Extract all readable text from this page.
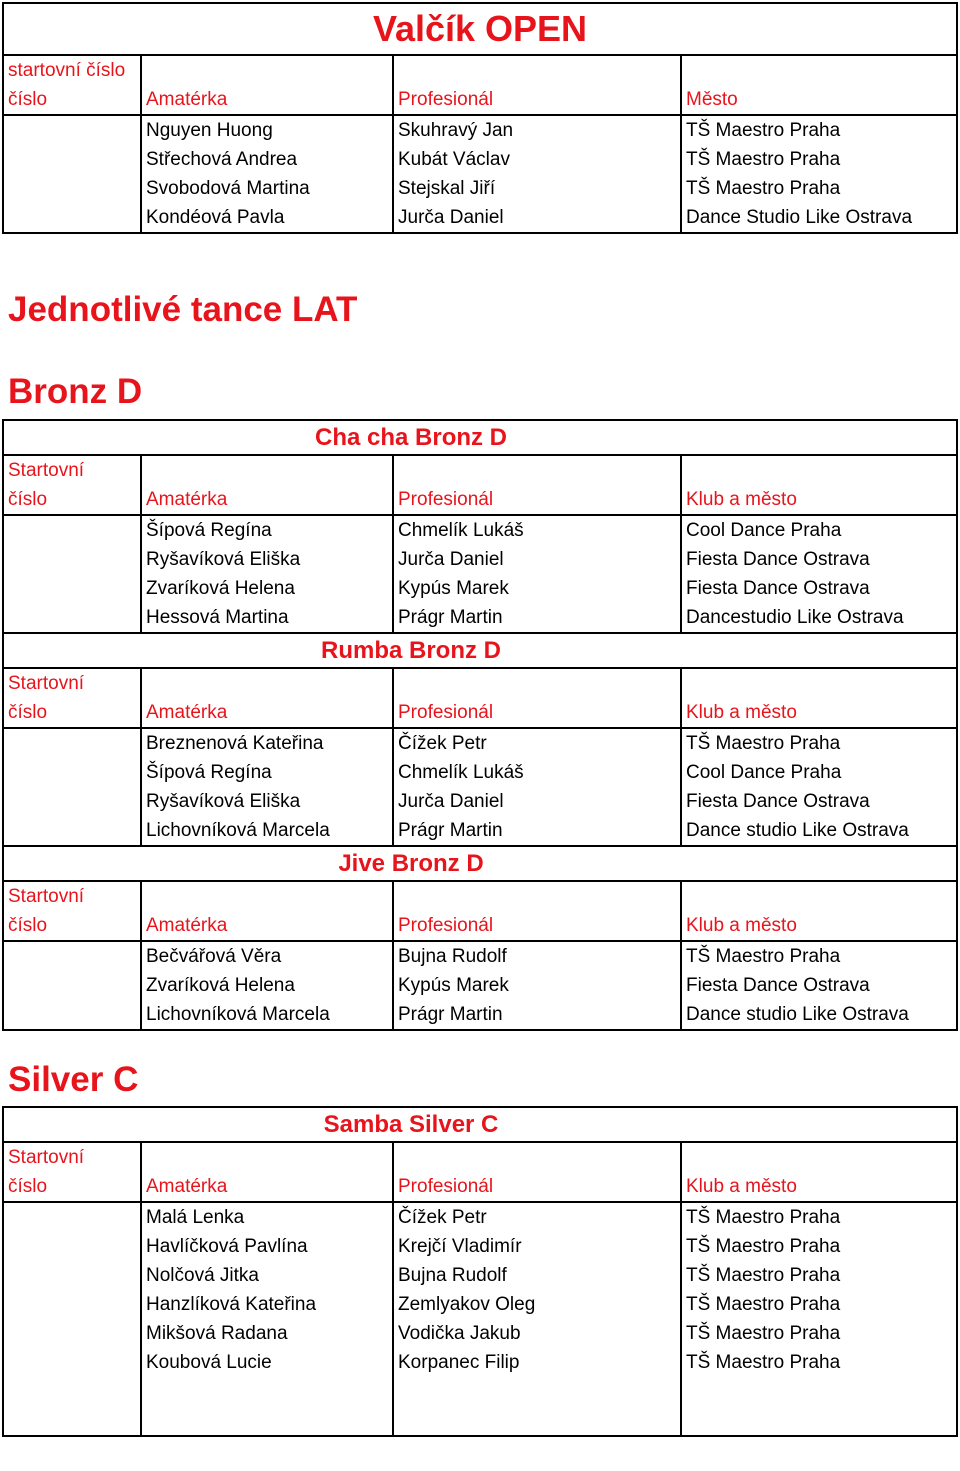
Valčík OPEN			
startovní číslo
číslo	Amatérka	Profesionál	Město
	Nguyen Huong	Skuhravý Jan	TŠ Maestro Praha
	Střechová Andrea	Kubát Václav	TŠ Maestro Praha
	Svobodová Martina	Stejskal Jiří	TŠ Maestro Praha
	Kondéová Pavla	Jurča Daniel	Dance Studio Like Ostrava
Jednotlivé tance LAT
Bronz D
	Cha cha Bronz D		
Startovní
číslo	Amatérka	Profesionál	Klub a město
	Šípová Regína	Chmelík Lukáš	Cool Dance Praha
	Ryšavíková Eliška	Jurča Daniel	Fiesta Dance Ostrava
	Zvaríková Helena	Kypús Marek	Fiesta Dance Ostrava
	Hessová Martina	Prágr Martin	Dancestudio Like Ostrava
	Rumba Bronz D		
Startovní
číslo	Amatérka	Profesionál	Klub a město
	Breznenová Kateřina	Čížek Petr	TŠ Maestro Praha
	Šípová Regína	Chmelík Lukáš	Cool Dance Praha
	Ryšavíková Eliška	Jurča Daniel	Fiesta Dance Ostrava
	Lichovníková Marcela	Prágr Martin	Dance studio Like Ostrava
	Jive Bronz D		
Startovní
číslo	Amatérka	Profesionál	Klub a město
	Bečvářová Věra	Bujna Rudolf	TŠ Maestro Praha
	Zvaríková Helena	Kypús Marek	Fiesta Dance Ostrava
	Lichovníková Marcela	Prágr Martin	Dance studio Like Ostrava
Silver C
	Samba Silver C		
Startovní
číslo	Amatérka	Profesionál	Klub a město
	Malá Lenka	Čížek Petr	TŠ Maestro Praha
	Havlíčková Pavlína	Krejčí Vladimír	TŠ Maestro Praha
	Nolčová Jitka	Bujna Rudolf	TŠ Maestro Praha
	Hanzlíková Kateřina	Zemlyakov Oleg	TŠ Maestro Praha
	Mikšová Radana	Vodička Jakub	TŠ Maestro Praha
	Koubová Lucie	Korpanec Filip	TŠ Maestro Praha
